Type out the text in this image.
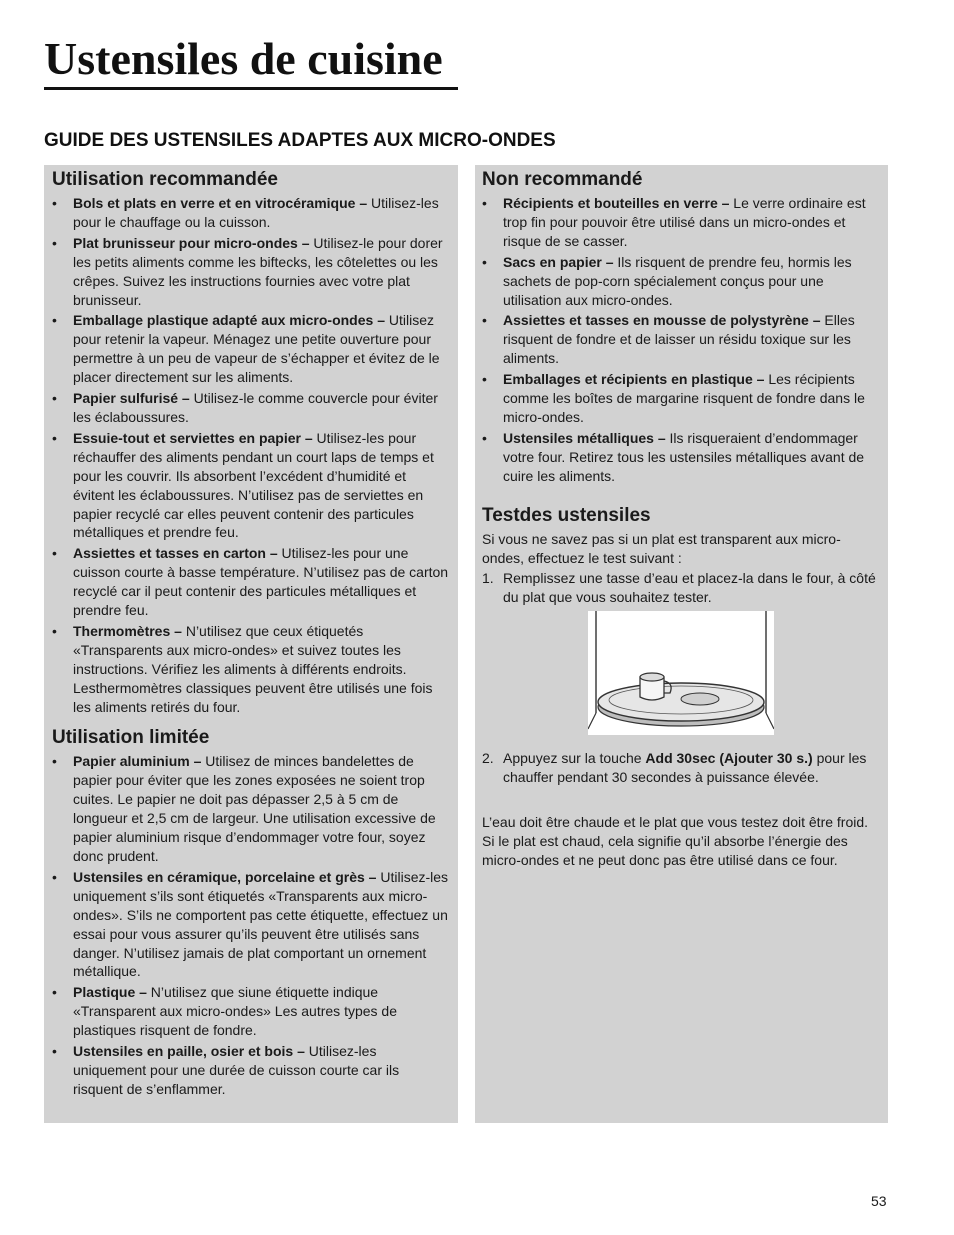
Ustensiles de cuisine
GUIDE DES USTENSILES ADAPTES AUX MICRO-ONDES
Utilisation recommandée
• Bols et plats en verre et en vitrocéramique – Utilisez-les pour le chauffage ou la cuisson.
• Plat brunisseur pour micro-ondes – Utilisez-le pour dorer les petits aliments comme les biftecks, les côtelettes ou les crêpes. Suivez les instructions fournies avec votre plat brunisseur.
• Emballage plastique adapté aux micro-ondes – Utilisez pour retenir la vapeur. Ménagez une petite ouverture pour permettre à un peu de vapeur de s’échapper et évitez de le placer directement sur les aliments.
• Papier sulfurisé – Utilisez-le comme couvercle pour éviter les éclaboussures.
• Essuie-tout et serviettes en papier – Utilisez-les pour réchauffer des aliments pendant un court laps de temps et pour les couvrir. Ils absorbent l’excédent d’humidité et évitent les éclaboussures. N’utilisez pas de serviettes en papier recyclé car elles peuvent contenir des particules métalliques et prendre feu.
• Assiettes et tasses en carton – Utilisez-les pour une cuisson courte à basse température. N’utilisez pas de carton recyclé car il peut contenir des particules métalliques et prendre feu.
• Thermomètres – N’utilisez que ceux étiquetés «Transparents aux micro-ondes» et suivez toutes les instructions. Vérifiez les aliments à différents endroits. Lesthermomètres classiques peuvent être utilisés une fois les aliments retirés du four.
Utilisation limitée
• Papier aluminium – Utilisez de minces bandelettes de papier pour éviter que les zones exposées ne soient trop cuites. Le papier ne doit pas dépasser 2,5 à 5 cm de longueur et 2,5 cm de largeur. Une utilisation excessive de papier aluminium risque d’endommager votre four, soyez donc prudent.
• Ustensiles en céramique, porcelaine et grès – Utilisez-les uniquement s’ils sont étiquetés «Transparents aux micro-ondes». S’ils ne comportent pas cette étiquette, effectuez un essai pour vous assurer qu’ils peuvent être utilisés sans danger. N’utilisez jamais de plat comportant un ornement métallique.
• Plastique – N’utilisez que siune étiquette indique «Transparent aux micro-ondes» Les autres types de plastiques risquent de fondre.
• Ustensiles en paille, osier et bois – Utilisez-les uniquement pour une durée de cuisson courte car ils risquent de s’enflammer.
Non recommandé
• Récipients et bouteilles en verre – Le verre ordinaire est trop fin pour pouvoir être utilisé dans un micro-ondes et risque de se casser.
• Sacs en papier – Ils risquent de prendre feu, hormis les sachets de pop-corn spécialement conçus pour une utilisation aux micro-ondes.
• Assiettes et tasses en mousse de polystyrène – Elles risquent de fondre et de laisser un résidu toxique sur les aliments.
• Emballages et récipients en plastique – Les récipients comme les boîtes de margarine risquent de fondre dans le micro-ondes.
• Ustensiles métalliques – Ils risqueraient d’endommager votre four. Retirez tous les ustensiles métalliques avant de cuire les aliments.
Testdes ustensiles

Si vous ne savez pas si un plat est transparent aux micro-ondes, effectuez le test suivant :

1. Remplissez une tasse d’eau et placez-la dans le four, à côté du plat que vous souhaitez tester.
2. Appuyez sur la touche Add 30sec (Ajouter 30 s.) pour les chauffer pendant 30 secondes à puissance élevée.

L’eau doit être chaude et le plat que vous testez doit être froid. Si le plat est chaud, cela signifie qu’il absorbe l’énergie des micro-ondes et ne peut donc pas être utilisé dans ce four.

53
